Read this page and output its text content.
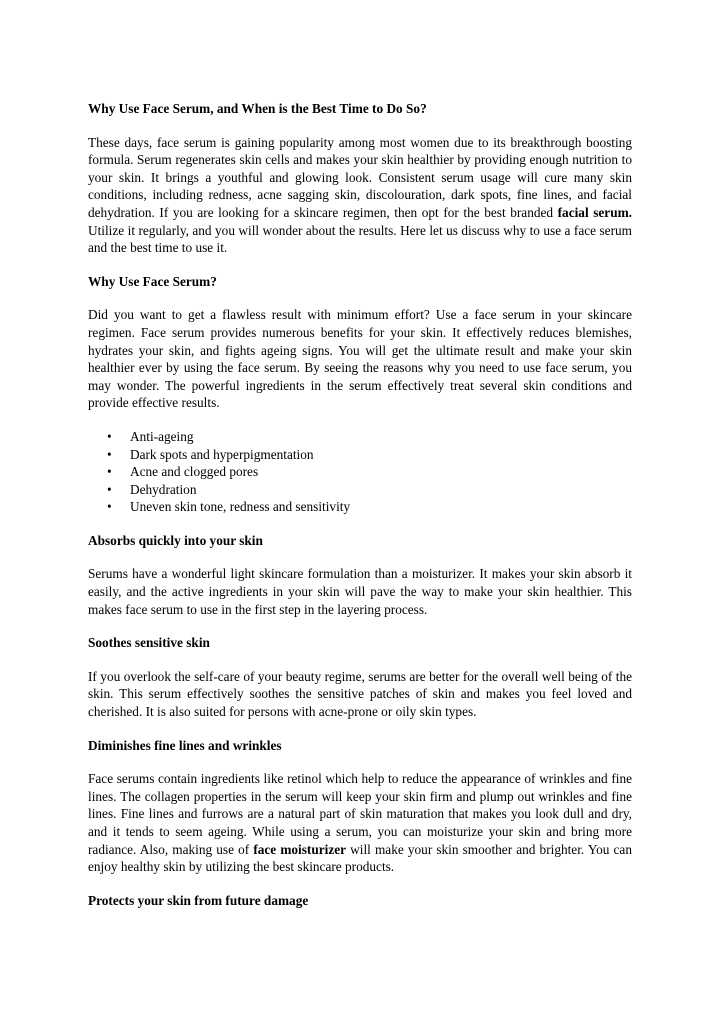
Why Use Face Serum, and When is the Best Time to Do So?
These days, face serum is gaining popularity among most women due to its breakthrough boosting formula. Serum regenerates skin cells and makes your skin healthier by providing enough nutrition to your skin. It brings a youthful and glowing look. Consistent serum usage will cure many skin conditions, including redness, acne sagging skin, discolouration, dark spots, fine lines, and facial dehydration. If you are looking for a skincare regimen, then opt for the best branded facial serum. Utilize it regularly, and you will wonder about the results. Here let us discuss why to use a face serum and the best time to use it.
Why Use Face Serum?
Did you want to get a flawless result with minimum effort? Use a face serum in your skincare regimen. Face serum provides numerous benefits for your skin. It effectively reduces blemishes, hydrates your skin, and fights ageing signs. You will get the ultimate result and make your skin healthier ever by using the face serum. By seeing the reasons why you need to use face serum, you may wonder. The powerful ingredients in the serum effectively treat several skin conditions and provide effective results.
• Anti-ageing
• Dark spots and hyperpigmentation
• Acne and clogged pores
• Dehydration
• Uneven skin tone, redness and sensitivity
Absorbs quickly into your skin
Serums have a wonderful light skincare formulation than a moisturizer. It makes your skin absorb it easily, and the active ingredients in your skin will pave the way to make your skin healthier. This makes face serum to use in the first step in the layering process.
Soothes sensitive skin
If you overlook the self-care of your beauty regime, serums are better for the overall well being of the skin. This serum effectively soothes the sensitive patches of skin and makes you feel loved and cherished. It is also suited for persons with acne-prone or oily skin types.
Diminishes fine lines and wrinkles
Face serums contain ingredients like retinol which help to reduce the appearance of wrinkles and fine lines. The collagen properties in the serum will keep your skin firm and plump out wrinkles and fine lines. Fine lines and furrows are a natural part of skin maturation that makes you look dull and dry, and it tends to seem ageing. While using a serum, you can moisturize your skin and bring more radiance. Also, making use of face moisturizer will make your skin smoother and brighter. You can enjoy healthy skin by utilizing the best skincare products.
Protects your skin from future damage
